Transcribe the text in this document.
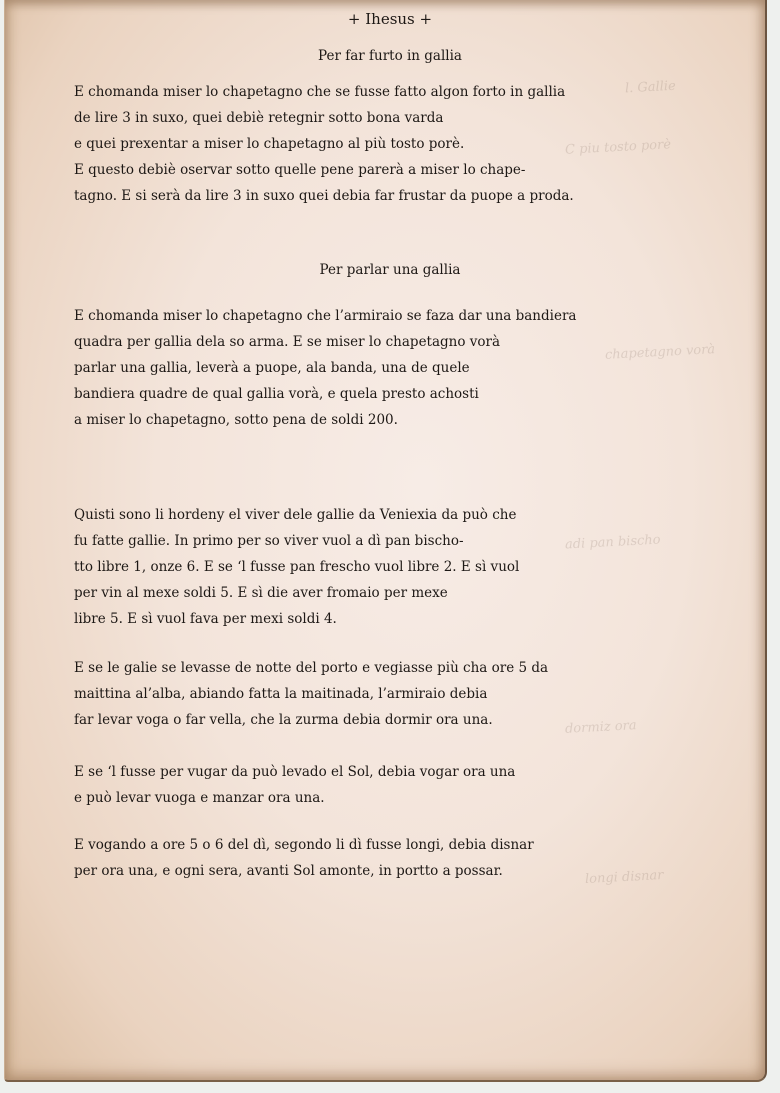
l. Gallie
C piu tosto porè
chapetagno vorà
adi pan bischo
dormiz ora
longi disnar
+ Ihesus +
Per far furto in gallia
E chomanda miser lo chapetagno che se fusse fatto algon forto in gallia
de lire 3 in suxo, quei debiè retegnir sotto bona varda
e quei prexentar a miser lo chapetagno al più tosto porè.
E questo debiè oservar sotto quelle pene parerà a miser lo chape-
tagno. E si serà da lire 3 in suxo quei debia far frustar da puope a proda.
Per parlar una gallia
E chomanda miser lo chapetagno che l’armiraio se faza dar una bandiera
quadra per gallia dela so arma. E se miser lo chapetagno vorà
parlar una gallia, leverà a puope, ala banda, una de quele
bandiera quadre de qual gallia vorà, e quela presto achosti
a miser lo chapetagno, sotto pena de soldi 200.
Quisti sono li hordeny el viver dele gallie da Veniexia da può che
fu fatte gallie. In primo per so viver vuol a dì pan bischo-
tto libre 1, onze 6. E se ‘l fusse pan frescho vuol libre 2. E sì vuol
per vin al mexe soldi 5. E sì die aver fromaio per mexe
libre 5. E sì vuol fava per mexi soldi 4.
E se le galie se levasse de notte del porto e vegiasse più cha ore 5 da
maittina al’alba, abiando fatta la maitinada, l’armiraio debia
far levar voga o far vella, che la zurma debia dormir ora una.
E se ‘l fusse per vugar da può levado el Sol, debia vogar ora una
e può levar vuoga e manzar ora una.
E vogando a ore 5 o 6 del dì, segondo li dì fusse longi, debia disnar
per ora una, e ogni sera, avanti Sol amonte, in portto a possar.
